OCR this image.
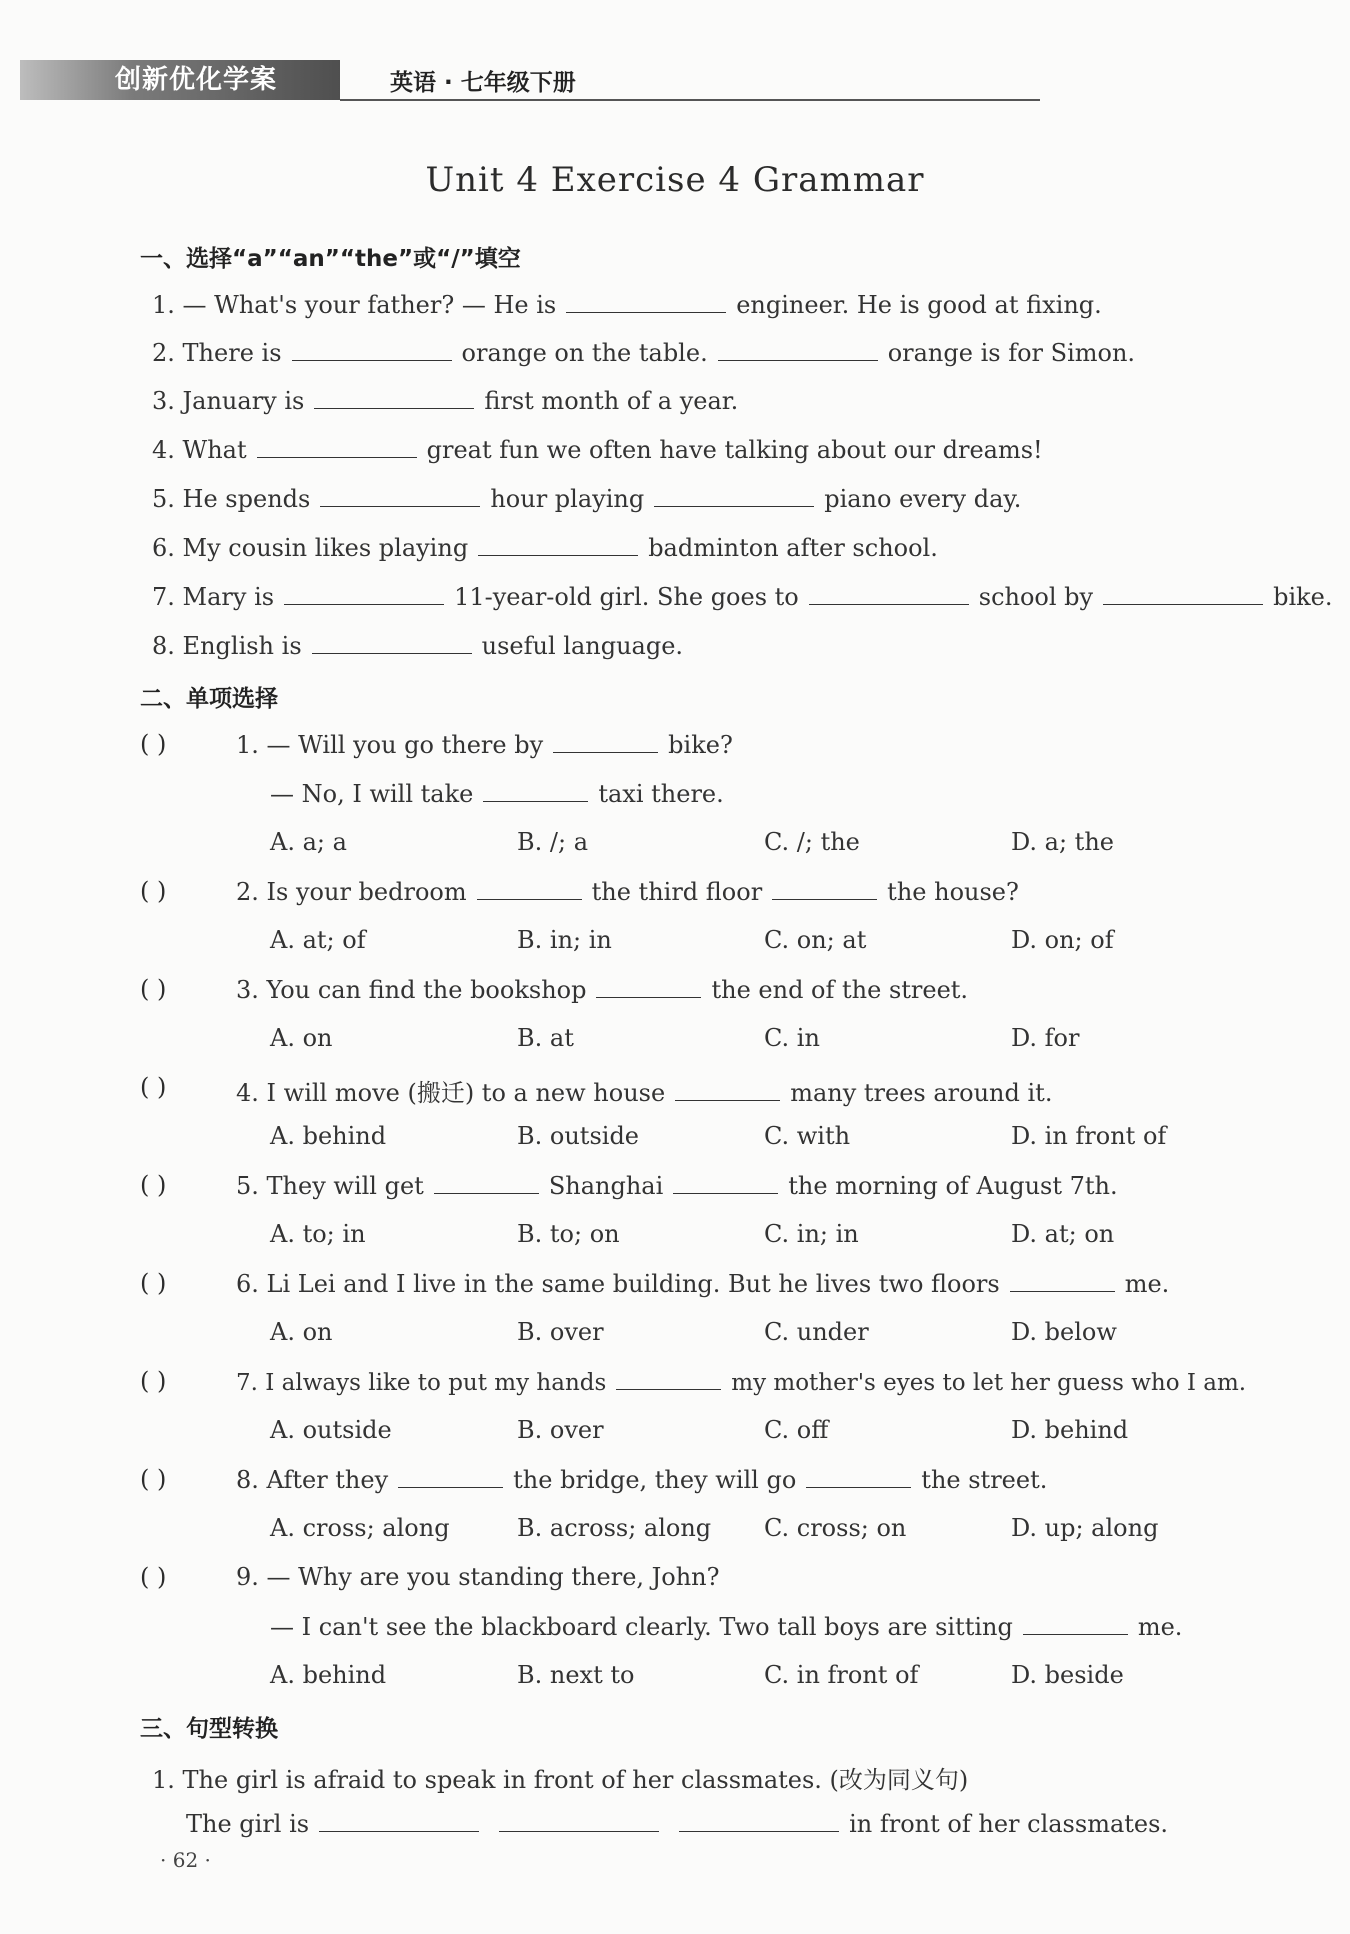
创新优化学案	英语 · 七年级下册
Unit 4 Exercise 4 Grammar
一、选择“a”“an”“the”或“/”填空
1. — What's your father? — He is	engineer. He is good at fixing.
2. There is	orange on the table.	orange is for Simon.
3. January is	first month of a year.
4. What	great fun we often have talking about our dreams!
5. He spends	hour playing	piano every day.
6. My cousin likes playing	badminton after school.
7. Mary is	11-year-old girl. She goes to	school by	bike.
8. English is	useful language.
二、单项选择
( )	1. — Will you go there by	bike?
— No, I will take	taxi there.
A. a; a	B. /; a	C. /; the	D. a; the
( )	2. Is your bedroom	the third floor	the house?
A. at; of	B. in; in	C. on; at	D. on; of
( )	3. You can find the bookshop	the end of the street.
A. on	B. at	C. in	D. for
( )	4. I will move (搬迁) to a new house	many trees around it.
A. behind	B. outside	C. with	D. in front of
( )	5. They will get	Shanghai	the morning of August 7th.
A. to; in	B. to; on	C. in; in	D. at; on
( )	6. Li Lei and I live in the same building. But he lives two floors	me.
A. on	B. over	C. under	D. below
( )	7. I always like to put my hands	my mother's eyes to let her guess who I am.
A. outside	B. over	C. off	D. behind
( )	8. After they	the bridge, they will go	the street.
A. cross; along	B. across; along C. cross; on	D. up; along
( )	9. — Why are you standing there, John?
— I can't see the blackboard clearly. Two tall boys are sitting	me.
A. behind	B. next to	C. in front of	D. beside
三、句型转换
1. The girl is afraid to speak in front of her classmates. (改为同义句)
The girl is	in front of her classmates.
· 62 ·
